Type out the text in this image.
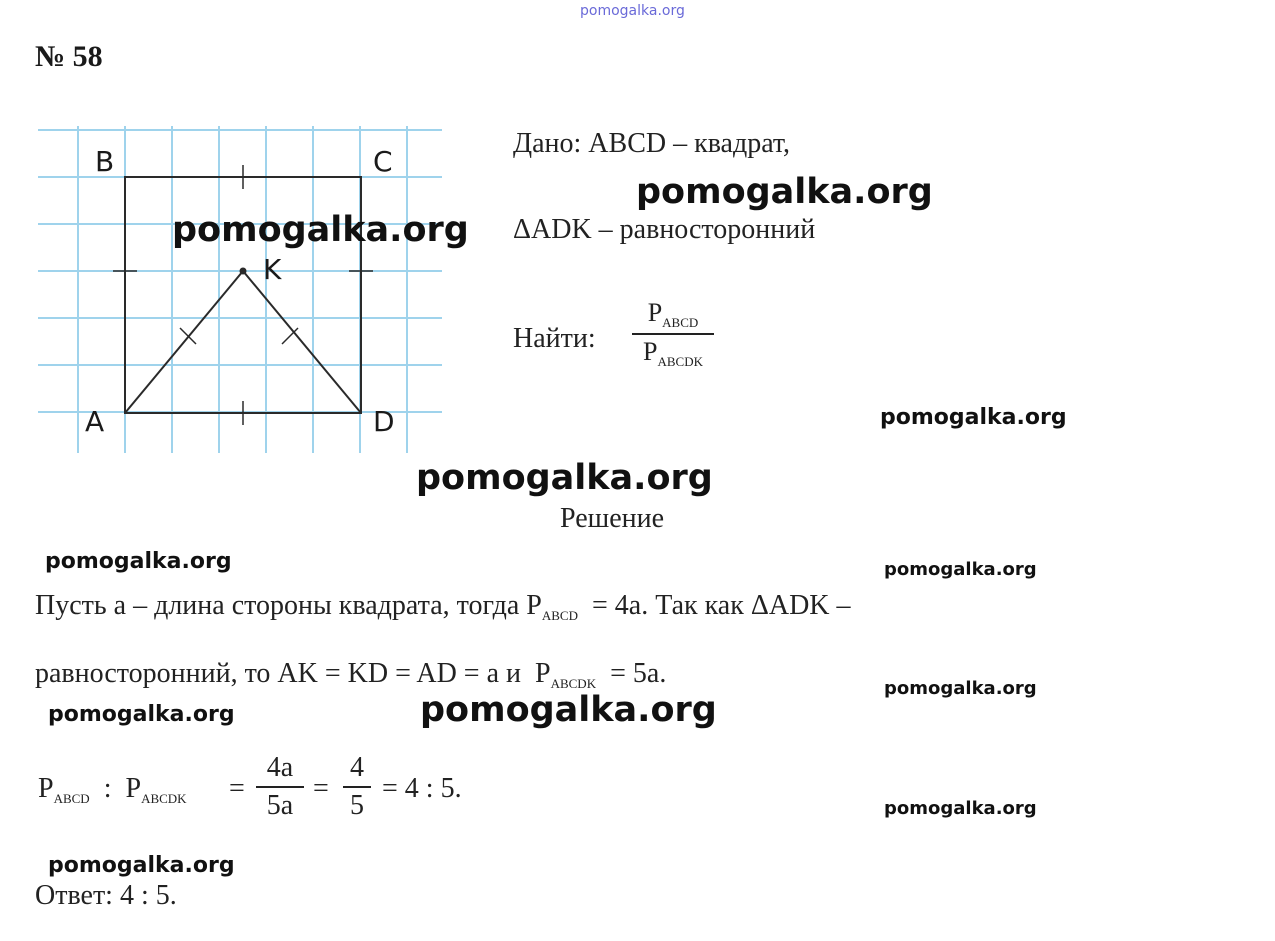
pomogalka.org
№ 58
B	C
K
A	D
Дано: ABCD – квадрат,
ΔADK – равносторонний
Найти:
$P_{ABCD}$
$P_{ABCDK}$
Решение
Пусть a – длина стороны квадрата, тогда $P_{ABCD} = 4a$. Так как ΔADK –
равносторонний, то AK = KD = AD = a и $P_{ABCDK} = 5a$.
$P_{ABCD}$ : $P_{ABCDK}$ =
4a
5a
=
4
5
= 4 : 5.
Ответ: 4 : 5.
pomogalka.org
pomogalka.org
pomogalka.org
pomogalka.org
pomogalka.org	pomogalka.org
pomogalka.org
pomogalka.org
pomogalka.org
pomogalka.org
pomogalka.org
